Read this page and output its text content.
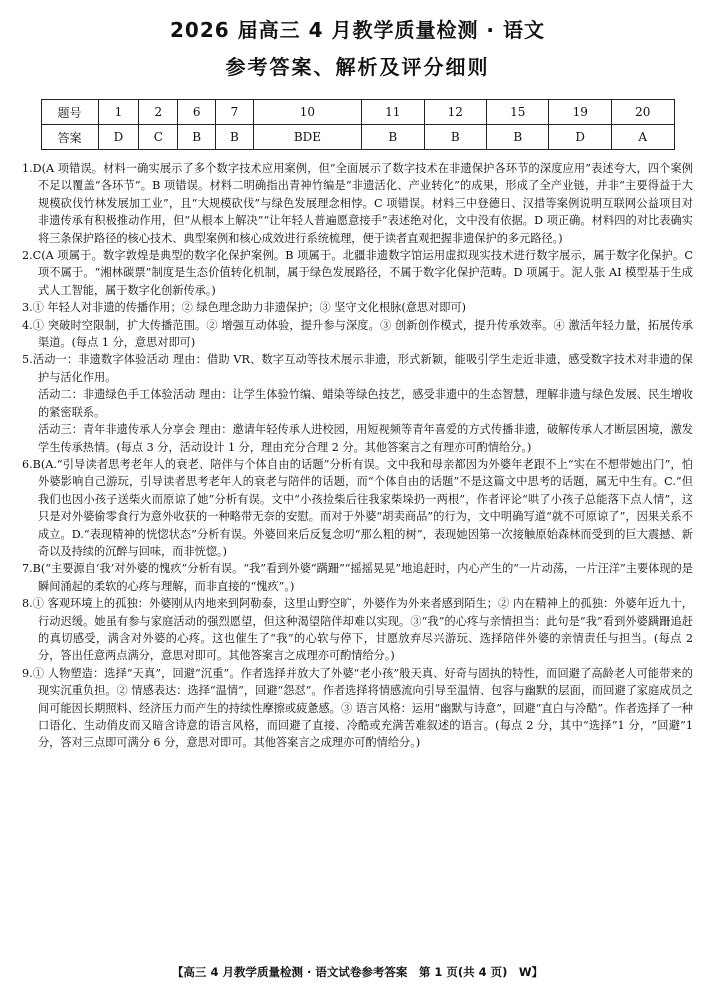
2026 届高三 4 月教学质量检测 · 语文
参考答案、解析及评分细则
题号	1	2	6	7	10	11	12	15	19	20
答案	D	C	B	B	BDE	B	B	B	D	A

1.D(A 项错误。材料一确实展示了多个数字技术应用案例，但“全面展示了数字技术在非遗保护各环节的深度应用”表述夸大，四个案例不足以覆盖“各环节”。B 项错误。材料二明确指出青神竹编是“非遗活化、产业转化”的成果，形成了全产业链，并非“主要得益于大规模砍伐竹林发展加工业”，且“大规模砍伐”与绿色发展理念相悖。C 项错误。材料三中登德日、汉措等案例说明互联网公益项目对非遗传承有积极推动作用，但“从根本上解决”“让年轻人普遍愿意接手”表述绝对化，文中没有依据。D 项正确。材料四的对比表确实将三条保护路径的核心技术、典型案例和核心成效进行系统梳理，便于读者直观把握非遗保护的多元路径。)

2.C(A 项属于。数字敦煌是典型的数字化保护案例。B 项属于。北疆非遗数字馆运用虚拟现实技术进行数字展示，属于数字化保护。C 项不属于。“湘林碳票”制度是生态价值转化机制，属于绿色发展路径，不属于数字化保护范畴。D 项属于。泥人张 AI 模型基于生成式人工智能，属于数字化创新传承。)

3.① 年轻人对非遗的传播作用；② 绿色理念助力非遗保护；③ 坚守文化根脉(意思对即可)

4.① 突破时空限制，扩大传播范围。② 增强互动体验，提升参与深度。③ 创新创作模式，提升传承效率。④ 激活年轻力量，拓展传承渠道。(每点 1 分，意思对即可)

5.活动一：非遗数字体验活动 理由：借助 VR、数字互动等技术展示非遗，形式新颖，能吸引学生走近非遗，感受数字技术对非遗的保护与活化作用。

活动二：非遗绿色手工体验活动 理由：让学生体验竹编、蜡染等绿色技艺，感受非遗中的生态智慧，理解非遗与绿色发展、民生增收的紧密联系。

活动三：青年非遗传承人分享会 理由：邀请年轻传承人进校园，用短视频等青年喜爱的方式传播非遗，破解传承人才断层困境，激发学生传承热情。(每点 3 分，活动设计 1 分，理由充分合理 2 分。其他答案言之有理亦可酌情给分。)

6.B(A.“引导读者思考老年人的衰老、陪伴与个体自由的话题”分析有误。文中我和母亲都因为外婆年老跟不上“实在不想带她出门”，怕外婆影响自己游玩，引导读者思考老年人的衰老与陪伴的话题，而“个体自由的话题”不是这篇文中思考的话题，属无中生有。C.“但我们也因小孩子送柴火而原谅了她”分析有误。文中“小孩捡柴后往我家柴垛扔一两根”，作者评论“哄了小孩子总能落下点人情”，这只是对外婆偷零食行为意外收获的一种略带无奈的安慰。而对于外婆“胡卖商品”的行为，文中明确写道“就不可原谅了”，因果关系不成立。D.“表现精神的恍惚状态”分析有误。外婆回来后反复念叨“那么粗的树”，表现她因第一次接触原始森林而受到的巨大震撼、新奇以及持续的沉醉与回味，而非恍惚。)

7.B(“主要源自‘我’对外婆的愧疚”分析有误。“我”看到外婆“蹒跚”“摇摇晃晃”地追赶时，内心产生的“一片动荡，一片汪洋”主要体现的是瞬间涌起的柔软的心疼与理解，而非直接的“愧疚”。)

8.① 客观环境上的孤独：外婆刚从内地来到阿勒泰，这里山野空旷，外婆作为外来者感到陌生；② 内在精神上的孤独：外婆年近九十，行动迟缓。她虽有参与家庭活动的强烈愿望，但这种渴望陪伴却难以实现。③“我”的心疼与亲情担当：此句是“我”看到外婆蹒跚追赶的真切感受，满含对外婆的心疼。这也催生了“我”的心软与停下，甘愿放弃尽兴游玩、选择陪伴外婆的亲情责任与担当。(每点 2 分，答出任意两点满分，意思对即可。其他答案言之成理亦可酌情给分。)

9.① 人物塑造：选择“天真”，回避“沉重”。作者选择并放大了外婆“老小孩”般天真、好奇与固执的特性，而回避了高龄老人可能带来的现实沉重负担。② 情感表达：选择“温情”，回避“怨怼”。作者选择将情感流向引导至温情、包容与幽默的层面，而回避了家庭成员之间可能因长期照料、经济压力而产生的持续性摩擦或疲惫感。③ 语言风格：运用“幽默与诗意”，回避“直白与冷酷”。作者选择了一种口语化、生动俏皮而又暗含诗意的语言风格，而回避了直接、冷酷或充满苦难叙述的语言。(每点 2 分，其中“选择”1 分，“回避”1 分，答对三点即可满分 6 分，意思对即可。其他答案言之成理亦可酌情给分。)

【高三 4 月教学质量检测 · 语文试卷参考答案　第 1 页(共 4 页)　W】
